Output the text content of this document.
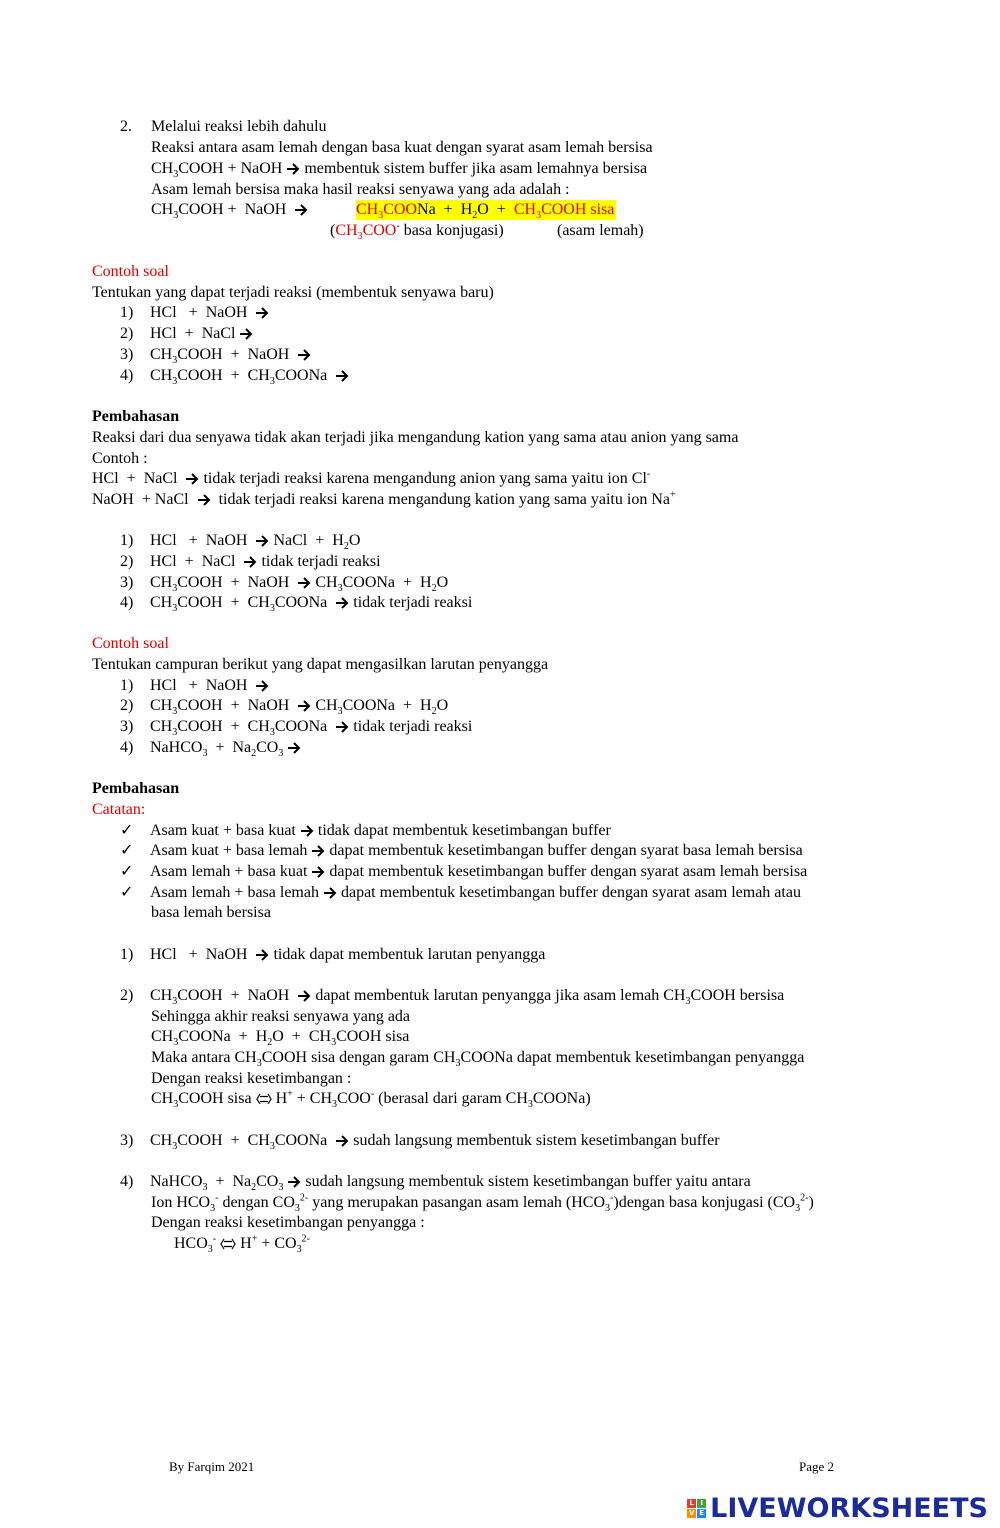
2. Melalui reaksi lebih dahulu
Reaksi antara asam lemah dengan basa kuat dengan syarat asam lemah bersisa
$CH_3COOH$ + NaOH  membentuk sistem buffer jika asam lemahnya bersisa
Asam lemah bersisa maka hasil reaksi senyawa yang ada adalah :
$CH_3COOH$ +  NaOH	$CH_3COONa + H_2O$  +  $CH_3COOH$ sisa
($CH_3COO^-$ basa konjugasi)	(asam lemah)
Contoh soal
Tentukan yang dapat terjadi reaksi (membentuk senyawa baru)
1) HCl   +  NaOH
2) HCl  +  NaCl
3) $CH_3COOH$  +  NaOH
4) $CH_3COOH$  +  $CH_3COONa$
Pembahasan
Reaksi dari dua senyawa tidak akan terjadi jika mengandung kation yang sama atau anion yang sama
Contoh :
HCl  +  NaCl   tidak terjadi reaksi karena mengandung anion yang sama yaitu ion Cl-
NaOH  + NaCl    tidak terjadi reaksi karena mengandung kation yang sama yaitu ion Na+
1) HCl   +  NaOH   NaCl  +  $H_2O$
2) HCl  +  NaCl   tidak terjadi reaksi
3) $CH_3COOH$  +  NaOH   $CH_3COONa + H_2O$
4) $CH_3COOH$  +  $CH_3COONa$   tidak terjadi reaksi
Contoh soal
Tentukan campuran berikut yang dapat mengasilkan larutan penyangga
1) HCl   +  NaOH
2) $CH_3COOH$  +  NaOH   $CH_3COONa + H_2O$
3) $CH_3COOH$  +  $CH_3COONa$   tidak terjadi reaksi
4) NaHCO$_3$  +  $Na_2CO_3$
Pembahasan
Catatan:
✓ Asam kuat + basa kuat tidak dapat membentuk kesetimbangan buffer
✓ Asam kuat + basa lemah dapat membentuk kesetimbangan buffer dengan syarat basa lemah bersisa
✓ Asam lemah + basa kuat dapat membentuk kesetimbangan buffer dengan syarat asam lemah bersisa
✓ Asam lemah + basa lemah dapat membentuk kesetimbangan buffer dengan syarat asam lemah atau
basa lemah bersisa
1) HCl   +  NaOH   tidak dapat membentuk larutan penyangga
2) $CH_3COOH$  +  NaOH   dapat membentuk larutan penyangga jika asam lemah $CH_3COOH$ bersisa
Sehingga akhir reaksi senyawa yang ada
$CH_3COONa + H_2O$  +  $CH_3COOH$ sisa
Maka antara $CH_3COOH$ sisa dengan garam $CH_3COONa$ dapat membentuk kesetimbangan penyangga
Dengan reaksi kesetimbangan :
$CH_3COOH$ sisa ⇌ $H^+ + CH_3COO^-$ (berasal dari garam $CH_3COONa$)
3) $CH_3COOH$  +  $CH_3COONa$   sudah langsung membentuk sistem kesetimbangan buffer
4) NaHCO$_3$  +  $Na_2CO_3$ sudah langsung membentuk sistem kesetimbangan buffer yaitu antara
Ion $HCO_3^-$ dengan $CO_3^{2-}$ yang merupakan pasangan asam lemah $(HCO_3^-)dengan$ basa konjugasi $(CO_3^{2-})$
Dengan reaksi kesetimbangan penyangga :
$HCO_3^-$ ⇌ $H^+ + CO_3^{2-}$
By Farqim 2021	Page 2
L I
V E LIVEWORKSHEETS
